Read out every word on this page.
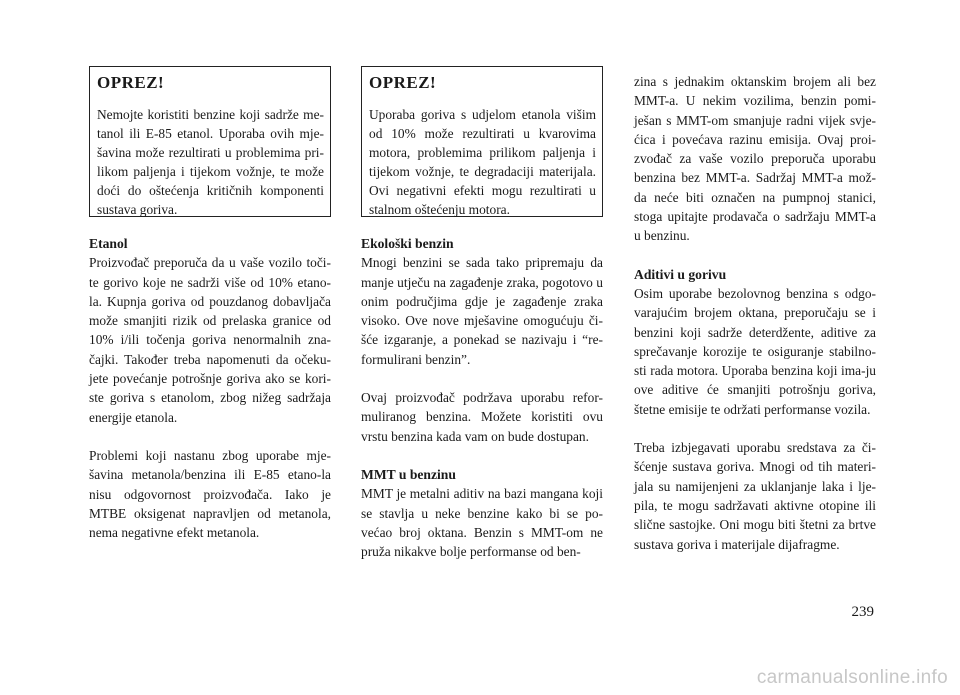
OPREZ!

Nemojte koristiti benzine koji sadrže me-tanol ili E-85 etanol. Uporaba ovih mje-šavina može rezultirati u problemima pri-likom paljenja i tijekom vožnje, te može doći do oštećenja kritičnih komponenti sustava goriva.

Etanol

Proizvođač preporuča da u vaše vozilo toči-te gorivo koje ne sadrži više od 10% etano-la. Kupnja goriva od pouzdanog dobavljača može smanjiti rizik od prelaska granice od 10% i/ili točenja goriva nenormalnih zna-čajki. Također treba napomenuti da očeku-jete povećanje potrošnje goriva ako se kori-ste goriva s etanolom, zbog nižeg sadržaja energije etanola.

Problemi koji nastanu zbog uporabe mje-šavina metanola/benzina ili E-85 etano-la nisu odgovornost proizvođača. Iako je MTBE oksigenat napravljen od metanola, nema negativne efekt metanola.

OPREZ!

Uporaba goriva s udjelom etanola višim od 10% može rezultirati u kvarovima motora, problemima prilikom paljenja i tijekom vožnje, te degradaciji materijala. Ovi negativni efekti mogu rezultirati u stalnom oštećenju motora.

Ekološki benzin

Mnogi benzini se sada tako pripremaju da manje utječu na zagađenje zraka, pogotovo u onim područjima gdje je zagađenje zraka visoko. Ove nove mješavine omogućuju či-šće izgaranje, a ponekad se nazivaju i “re-formulirani benzin”.

Ovaj proizvođač podržava uporabu refor-muliranog benzina. Možete koristiti ovu vrstu benzina kada vam on bude dostupan.

MMT u benzinu

MMT je metalni aditiv na bazi mangana koji se stavlja u neke benzine kako bi se po-većao broj oktana. Benzin s MMT-om ne pruža nikakve bolje performanse od ben-

zina s jednakim oktanskim brojem ali bez MMT-a. U nekim vozilima, benzin pomi-ješan s MMT-om smanjuje radni vijek svje-ćica i povećava razinu emisija. Ovaj proi-zvođač za vaše vozilo preporuča uporabu benzina bez MMT-a. Sadržaj MMT-a mož-da neće biti označen na pumpnoj stanici, stoga upitajte prodavača o sadržaju MMT-a u benzinu.

Aditivi u gorivu

Osim uporabe bezolovnog benzina s odgo-varajućim brojem oktana, preporučaju se i benzini koji sadrže deterdžente, aditive za sprečavanje korozije te osiguranje stabilno-sti rada motora. Uporaba benzina koji ima-ju ove aditive će smanjiti potrošnju goriva, štetne emisije te održati performanse vozila.

Treba izbjegavati uporabu sredstava za či-šćenje sustava goriva. Mnogi od tih materi-jala su namijenjeni za uklanjanje laka i lje-pila, te mogu sadržavati aktivne otopine ili slične sastojke. Oni mogu biti štetni za brtve sustava goriva i materijale dijafragme.

239
carmanualsonline.info
